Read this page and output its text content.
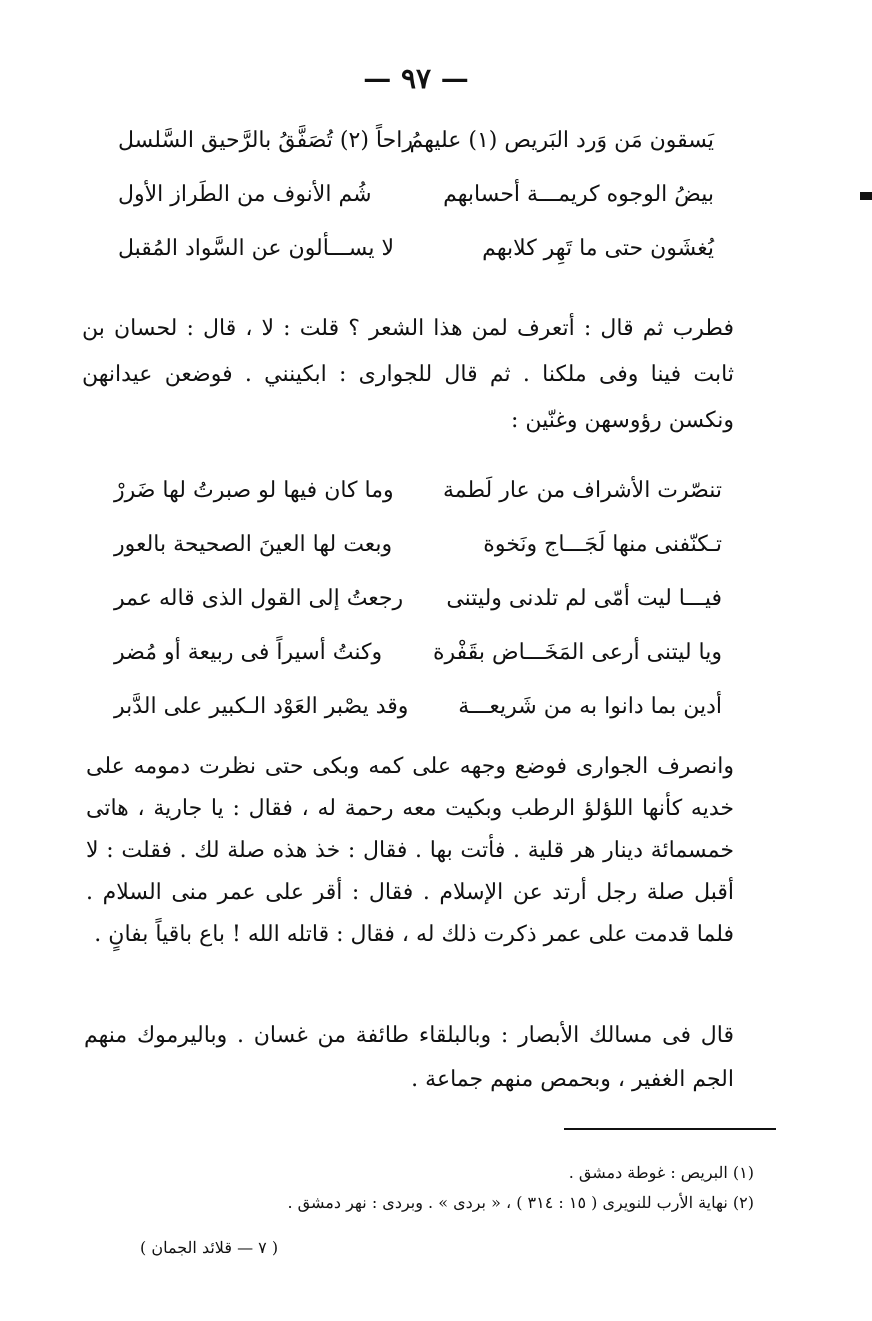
— ٩٧ —
يَسقون مَن وَرد البَريص (١) عليهمُ
راحاً (٢) تُصَفَّقُ بالرَّحيق السَّلسل
بيضُ الوجوه كريمـــة أحسابهم
شُم الأنوف من الطَراز الأول
يُغشَون حتى ما تَهِر كلابهم
لا يســـألون عن السَّواد المُقبل

فطرب ثم قال : أتعرف لمن هذا الشعر ؟ قلت : لا ، قال : لحسان بن ثابت فينا وفى ملكنا . ثم قال للجوارى : ابكينني . فوضعن عيدانهن ونكسن رؤوسهن وغنّين :

تنصّرت الأشراف من عار لَطمة
وما كان فيها لو صبرتُ لها ضَررْ
تـكنّفنى منها لَجَـــاج ونَخوة
وبعت لها العينَ الصحيحة بالعور
فيـــا ليت أمّى لم تلدنى وليتنى
رجعتُ إلى القول الذى قاله عمر
ويا ليتنى أرعى المَخَـــاض بقَفْرة
وكنتُ أسيراً فى ربيعة أو مُضر
أدين بما دانوا به من شَريعـــة
وقد يصْبر العَوْد الـكبير على الدَّبر

وانصرف الجوارى فوضع وجهه على كمه وبكى حتى نظرت دمومه على خديه كأنها اللؤلؤ الرطب وبكيت معه رحمة له ، فقال : يا جارية ، هاتى خمسمائة دينار هر قلية . فأتت بها . فقال : خذ هذه صلة لك . فقلت : لا أقبل صلة رجل أرتد عن الإسلام . فقال : أقر على عمر منى السلام . فلما قدمت على عمر ذكرت ذلك له ، فقال : قاتله الله ! باع باقياً بفانٍ .

قال فى مسالك الأبصار : وبالبلقاء طائفة من غسان . وباليرموك منهم الجم الغفير ، وبحمص منهم جماعة .

(١) البريص : غوطة دمشق .
(٢) نهاية الأرب للنويرى ( ١٥ : ٣١٤ ) ، « بردى » . وبردى : نهر دمشق .
( ٧ — قلائد الجمان )
